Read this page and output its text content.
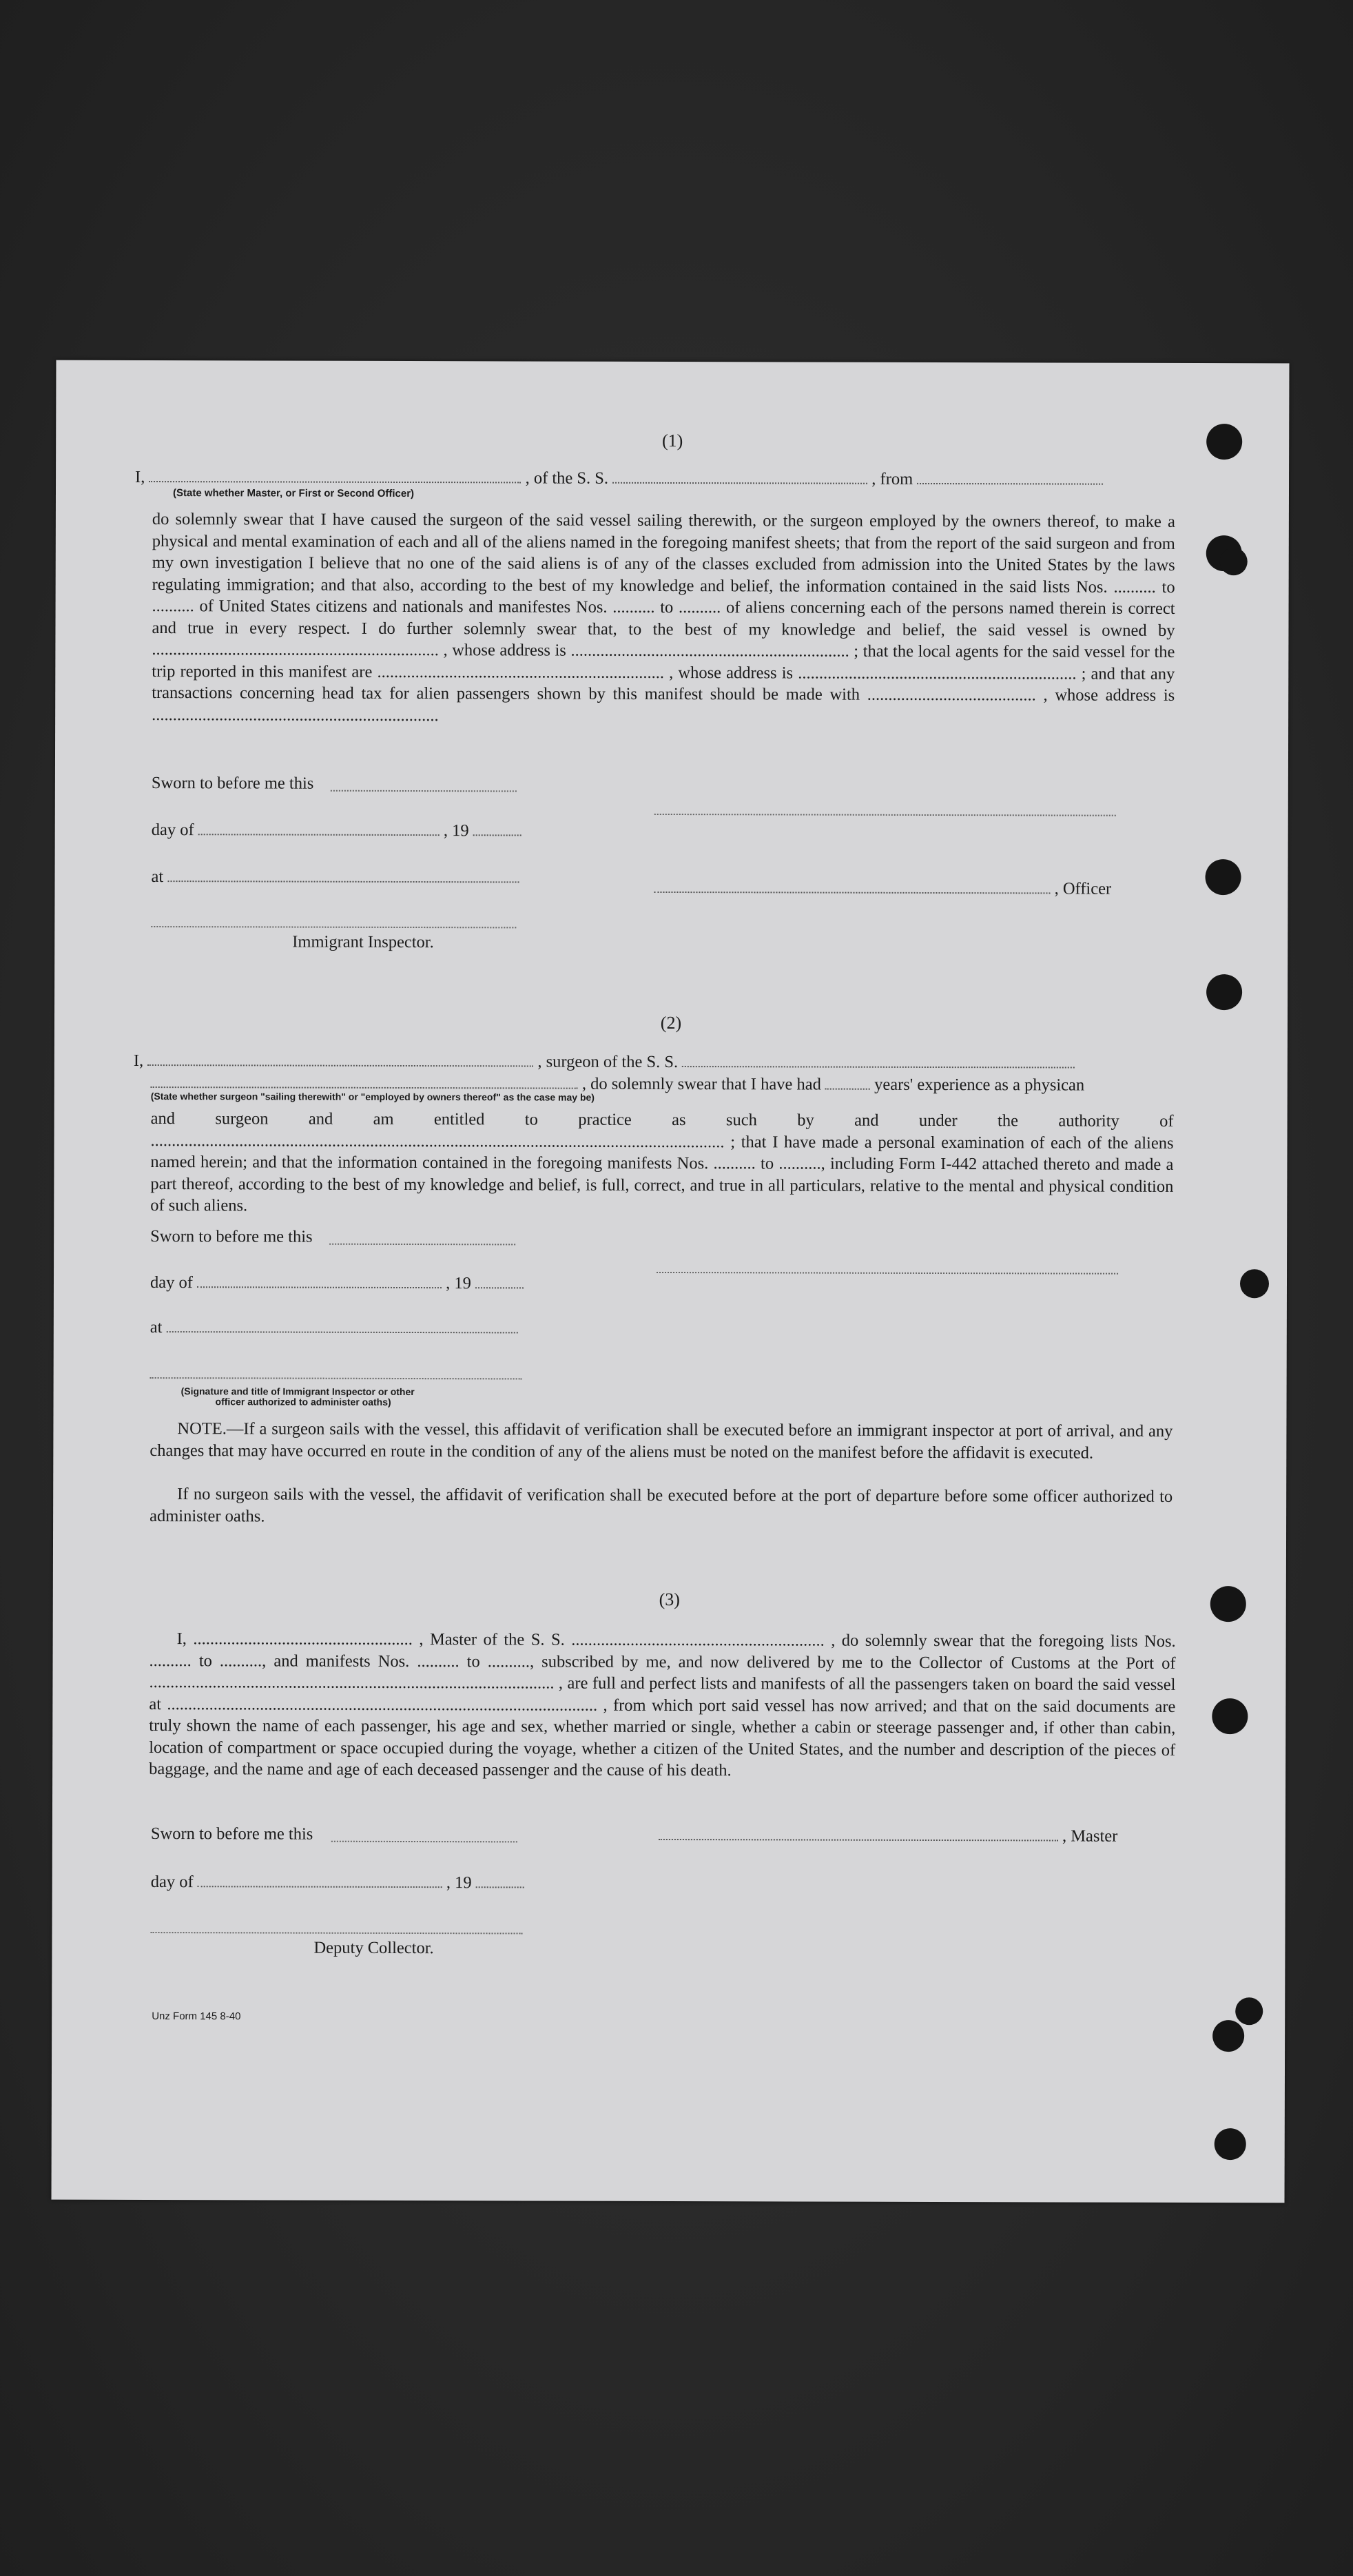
(1)
I,	, of the S. S.	, from
(State whether Master, or First or Second Officer)
do solemnly swear that I have caused the surgeon of the said vessel sailing therewith, or the surgeon employed by the owners thereof, to make a physical and mental examination of each and all of the aliens named in the foregoing manifest sheets; that from the report of the said surgeon and from my own investigation I believe that no one of the said aliens is of any of the classes excluded from admission into the United States by the laws regulating immigration; and that also, according to the best of my knowledge and belief, the information contained in the said lists Nos. .......... to .......... of United States citizens and nationals and manifestes Nos. .......... to .......... of aliens concerning each of the persons named therein is correct and true in every respect. I do further solemnly swear that, to the best of my knowledge and belief, the said vessel is owned by .................................................................... , whose address is .................................................................. ; that the local agents for the said vessel for the trip reported in this manifest are .................................................................... , whose address is .................................................................. ; and that any transactions concerning head tax for alien passengers shown by this manifest should be made with ........................................ , whose address is ....................................................................
Sworn to before me this
day of	, 19
at
, Officer
Immigrant Inspector.
(2)
I,	, surgeon of the S. S.
, do solemnly swear that I have had	years' experience as a physican
(State whether surgeon "sailing therewith" or "employed by owners thereof" as the case may be)
and surgeon and am entitled to practice as such by and under the authority of ........................................................................................................................................ ; that I have made a personal examination of each of the aliens named herein; and that the information contained in the foregoing manifests Nos. .......... to .........., including Form I-442 attached thereto and made a part thereof, according to the best of my knowledge and belief, is full, correct, and true in all particulars, relative to the mental and physical condition of such aliens.
Sworn to before me this
day of	, 19
at
(Signature and title of Immigrant Inspector or other
officer authorized to administer oaths)
NOTE.—If a surgeon sails with the vessel, this affidavit of verification shall be executed before an immigrant inspector at port of arrival, and any changes that may have occurred en route in the condition of any of the aliens must be noted on the manifest before the affidavit is executed.
If no surgeon sails with the vessel, the affidavit of verification shall be executed before at the port of departure before some officer authorized to administer oaths.
(3)
I, .................................................... , Master of the S. S. ............................................................ , do solemnly swear that the foregoing lists Nos. .......... to .........., and manifests Nos. .......... to .........., subscribed by me, and now delivered by me to the Collector of Customs at the Port of ................................................................................................ , are full and perfect lists and manifests of all the passengers taken on board the said vessel at ...................................................................................................... , from which port said vessel has now arrived; and that on the said documents are truly shown the name of each passenger, his age and sex, whether married or single, whether a cabin or steerage passenger and, if other than cabin, location of compartment or space occupied during the voyage, whether a citizen of the United States, and the number and description of the pieces of baggage, and the name and age of each deceased passenger and the cause of his death.
Sworn to before me this	, Master
day of	, 19
Deputy Collector.
Unz Form 145 8-40
